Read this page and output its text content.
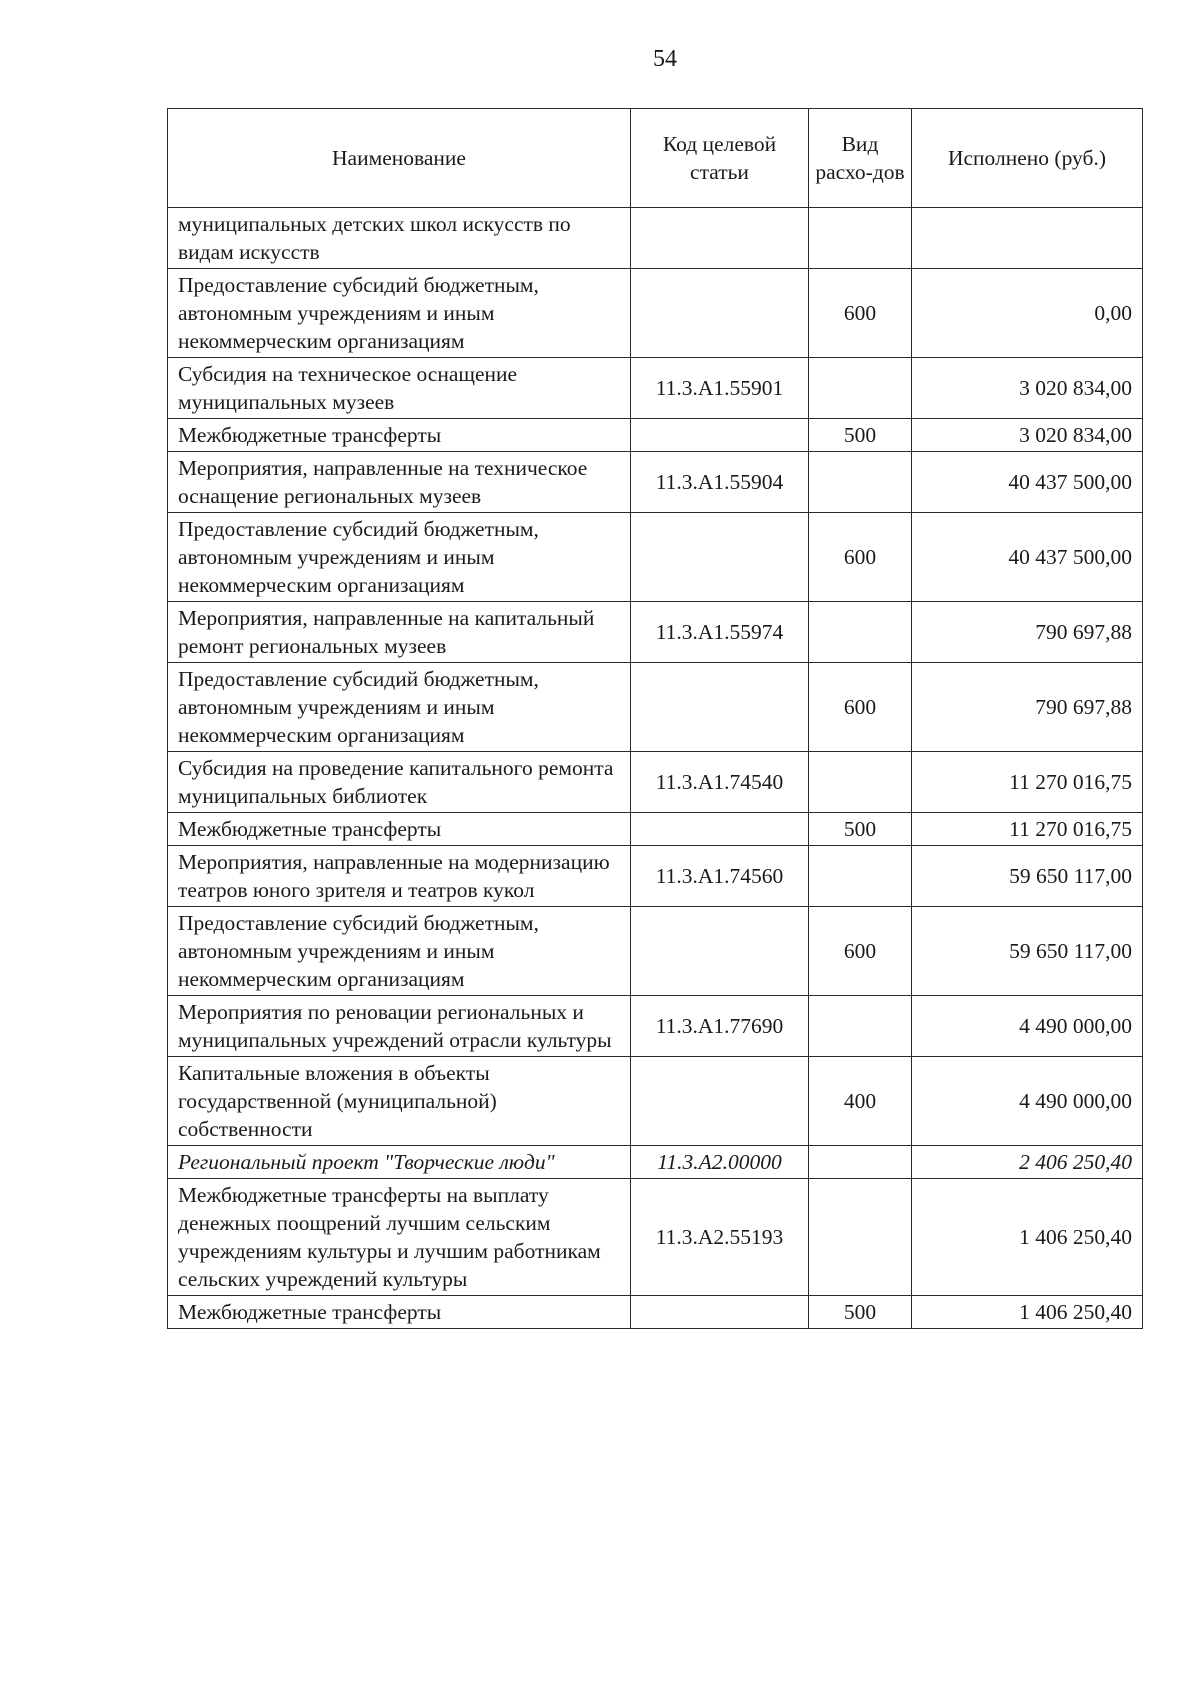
54
Наименование	Код целевой статьи	Вид расхо-дов	Исполнено (руб.)
муниципальных детских школ искусств по видам искусств			
Предоставление субсидий бюджетным, автономным учреждениям и иным некоммерческим организациям		600	0,00
Субсидия на техническое оснащение муниципальных музеев	11.3.А1.55901		3 020 834,00
Межбюджетные трансферты		500	3 020 834,00
Мероприятия, направленные на техническое оснащение региональных музеев	11.3.А1.55904		40 437 500,00
Предоставление субсидий бюджетным, автономным учреждениям и иным некоммерческим организациям		600	40 437 500,00
Мероприятия, направленные на капитальный ремонт региональных музеев	11.3.А1.55974		790 697,88
Предоставление субсидий бюджетным, автономным учреждениям и иным некоммерческим организациям		600	790 697,88
Субсидия на проведение капитального ремонта муниципальных библиотек	11.3.А1.74540		11 270 016,75
Межбюджетные трансферты		500	11 270 016,75
Мероприятия, направленные на модернизацию театров юного зрителя и театров кукол	11.3.А1.74560		59 650 117,00
Предоставление субсидий бюджетным, автономным учреждениям и иным некоммерческим организациям		600	59 650 117,00
Мероприятия по реновации региональных и муниципальных учреждений отрасли культуры	11.3.А1.77690		4 490 000,00
Капитальные вложения в объекты государственной (муниципальной) собственности		400	4 490 000,00
Региональный проект "Творческие люди"	11.3.А2.00000		2 406 250,40
Межбюджетные трансферты на выплату денежных поощрений лучшим сельским учреждениям культуры и лучшим работникам сельских учреждений культуры	11.3.А2.55193		1 406 250,40
Межбюджетные трансферты		500	1 406 250,40
